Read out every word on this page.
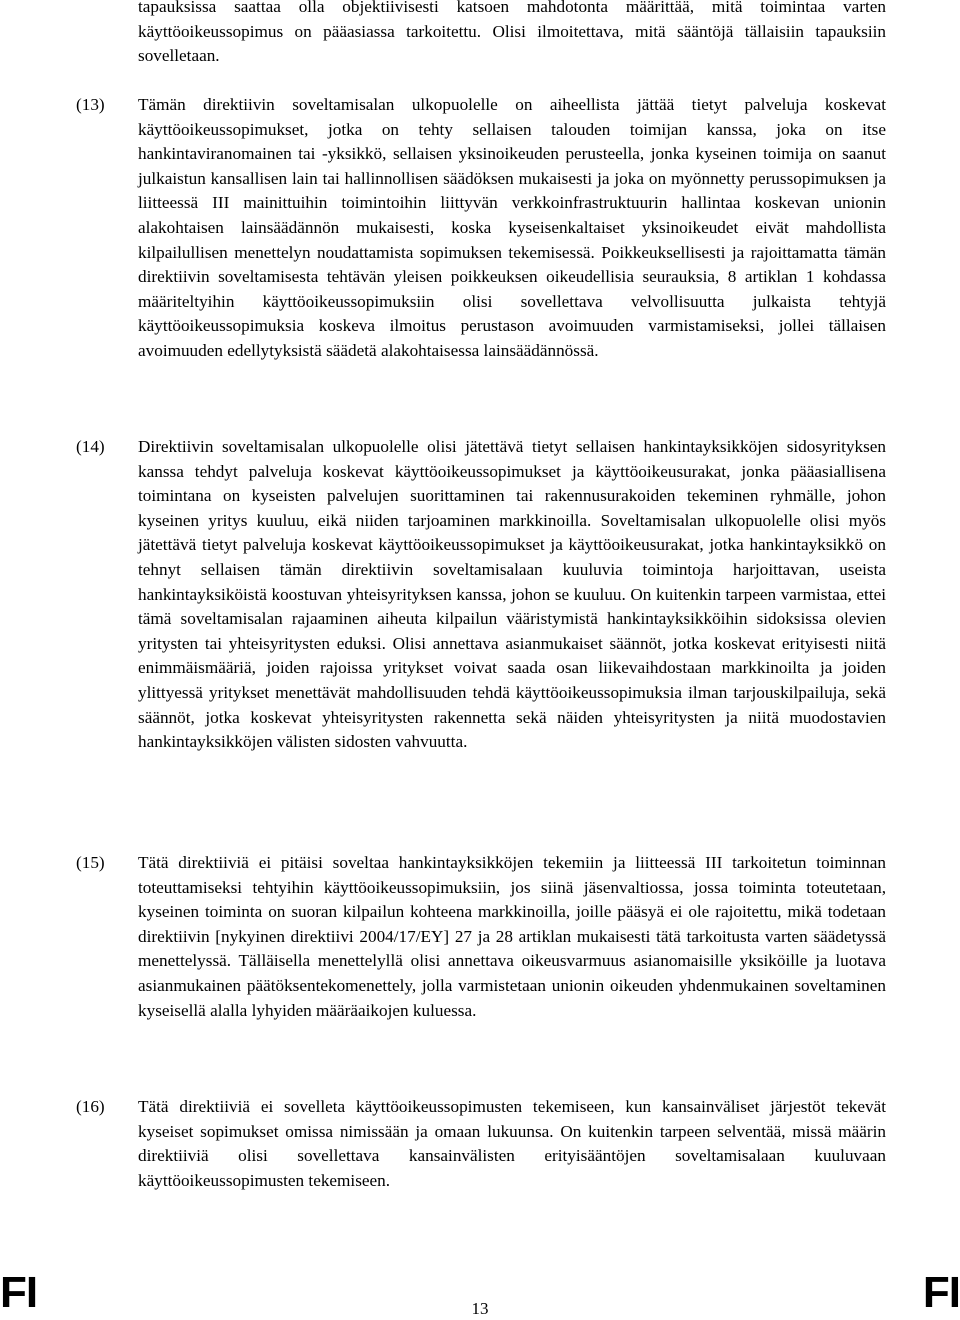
tapauksissa saattaa olla objektiivisesti katsoen mahdotonta määrittää, mitä toimintaa varten käyttöoikeussopimus on pääasiassa tarkoitettu. Olisi ilmoitettava, mitä sääntöjä tällaisiin tapauksiin sovelletaan.

(13) Tämän direktiivin soveltamisalan ulkopuolelle on aiheellista jättää tietyt palveluja koskevat käyttöoikeussopimukset, jotka on tehty sellaisen talouden toimijan kanssa, joka on itse hankintaviranomainen tai -yksikkö, sellaisen yksinoikeuden perusteella, jonka kyseinen toimija on saanut julkaistun kansallisen lain tai hallinnollisen säädöksen mukaisesti ja joka on myönnetty perussopimuksen ja liitteessä III mainittuihin toimintoihin liittyvän verkkoinfrastruktuurin hallintaa koskevan unionin alakohtaisen lainsäädännön mukaisesti, koska kyseisenkaltaiset yksinoikeudet eivät mahdollista kilpailullisen menettelyn noudattamista sopimuksen tekemisessä. Poikkeuksellisesti ja rajoittamatta tämän direktiivin soveltamisesta tehtävän yleisen poikkeuksen oikeudellisia seurauksia, 8 artiklan 1 kohdassa määriteltyihin käyttöoikeussopimuksiin olisi sovellettava velvollisuutta julkaista tehtyjä käyttöoikeussopimuksia koskeva ilmoitus perustason avoimuuden varmistamiseksi, jollei tällaisen avoimuuden edellytyksistä säädetä alakohtaisessa lainsäädännössä.

(14) Direktiivin soveltamisalan ulkopuolelle olisi jätettävä tietyt sellaisen hankintayksikköjen sidosyrityksen kanssa tehdyt palveluja koskevat käyttöoikeussopimukset ja käyttöoikeusurakat, jonka pääasiallisena toimintana on kyseisten palvelujen suorittaminen tai rakennusurakoiden tekeminen ryhmälle, johon kyseinen yritys kuuluu, eikä niiden tarjoaminen markkinoilla. Soveltamisalan ulkopuolelle olisi myös jätettävä tietyt palveluja koskevat käyttöoikeussopimukset ja käyttöoikeusurakat, jotka hankintayksikkö on tehnyt sellaisen tämän direktiivin soveltamisalaan kuuluvia toimintoja harjoittavan, useista hankintayksiköistä koostuvan yhteisyrityksen kanssa, johon se kuuluu. On kuitenkin tarpeen varmistaa, ettei tämä soveltamisalan rajaaminen aiheuta kilpailun vääristymistä hankintayksikköihin sidoksissa olevien yritysten tai yhteisyritysten eduksi. Olisi annettava asianmukaiset säännöt, jotka koskevat erityisesti niitä enimmäismääriä, joiden rajoissa yritykset voivat saada osan liikevaihdostaan markkinoilta ja joiden ylittyessä yritykset menettävät mahdollisuuden tehdä käyttöoikeussopimuksia ilman tarjouskilpailuja, sekä säännöt, jotka koskevat yhteisyritysten rakennetta sekä näiden yhteisyritysten ja niitä muodostavien hankintayksikköjen välisten sidosten vahvuutta.

(15) Tätä direktiiviä ei pitäisi soveltaa hankintayksikköjen tekemiin ja liitteessä III tarkoitetun toiminnan toteuttamiseksi tehtyihin käyttöoikeussopimuksiin, jos siinä jäsenvaltiossa, jossa toiminta toteutetaan, kyseinen toiminta on suoran kilpailun kohteena markkinoilla, joille pääsyä ei ole rajoitettu, mikä todetaan direktiivin [nykyinen direktiivi 2004/17/EY] 27 ja 28 artiklan mukaisesti tätä tarkoitusta varten säädetyssä menettelyssä. Tälläisella menettelyllä olisi annettava oikeusvarmuus asianomaisille yksiköille ja luotava asianmukainen päätöksentekomenettely, jolla varmistetaan unionin oikeuden yhdenmukainen soveltaminen kyseisellä alalla lyhyiden määräaikojen kuluessa.

(16) Tätä direktiiviä ei sovelleta käyttöoikeussopimusten tekemiseen, kun kansainväliset järjestöt tekevät kyseiset sopimukset omissa nimissään ja omaan lukuunsa. On kuitenkin tarpeen selventää, missä määrin direktiiviä olisi sovellettava kansainvälisten erityisääntöjen soveltamisalaan kuuluvaan käyttöoikeussopimusten tekemiseen.

FI	13	FI
